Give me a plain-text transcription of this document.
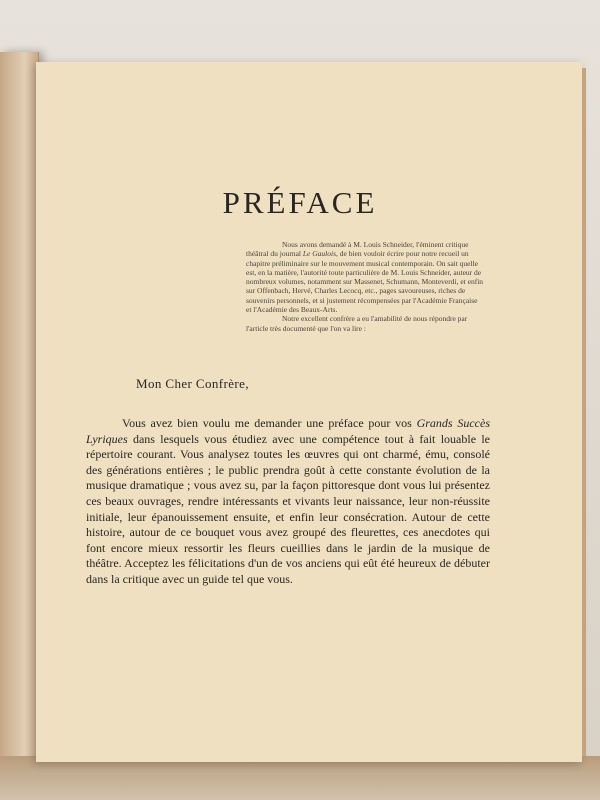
PRÉFACE

Nous avons demandé à M. Louis Schneider, l'éminent critique théâtral du journal Le Gaulois, de bien vouloir écrire pour notre recueil un chapitre préliminaire sur le mouvement musical contemporain. On sait quelle est, en la matière, l'autorité toute particulière de M. Louis Schneider, auteur de nombreux volumes, notamment sur Massenet, Schumann, Monteverdi, et enfin sur Offenbach, Hervé, Charles Lecocq, etc., pages savoureuses, riches de souvenirs personnels, et si justement récompensées par l'Académie Française et l'Académie des Beaux-Arts.

Notre excellent confrère a eu l'amabilité de nous répondre par l'article très documenté que l'on va lire :

Mon Cher Confrère,

Vous avez bien voulu me demander une préface pour vos Grands Succès Lyriques dans lesquels vous étudiez avec une compétence tout à fait louable le répertoire courant. Vous analysez toutes les œuvres qui ont charmé, ému, consolé des générations entières ; le public prendra goût à cette constante évolution de la musique dramatique ; vous avez su, par la façon pittoresque dont vous lui présentez ces beaux ouvrages, rendre intéressants et vivants leur naissance, leur non-réussite initiale, leur épanouissement ensuite, et enfin leur consécration. Autour de cette histoire, autour de ce bouquet vous avez groupé des fleurettes, ces anecdotes qui font encore mieux ressortir les fleurs cueillies dans le jardin de la musique de théâtre. Acceptez les félicitations d'un de vos anciens qui eût été heureux de débuter dans la critique avec un guide tel que vous.
